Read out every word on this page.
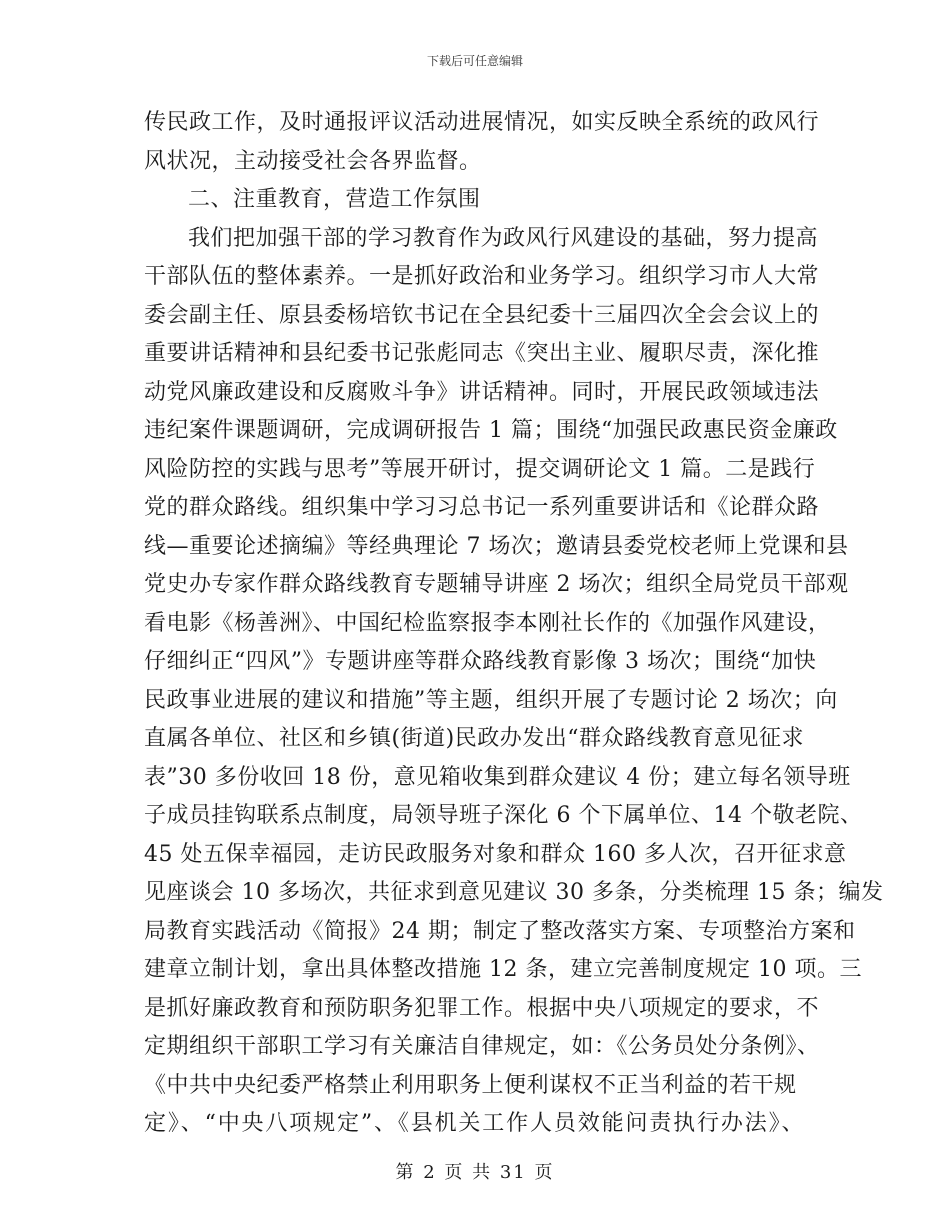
下载后可任意编辑
传民政工作，及时通报评议活动进展情况，如实反映全系统的政风行
风状况，主动接受社会各界监督。
二、注重教育，营造工作氛围
我们把加强干部的学习教育作为政风行风建设的基础，努力提高
干部队伍的整体素养。一是抓好政治和业务学习。组织学习市人大常
委会副主任、原县委杨培钦书记在全县纪委十三届四次全会会议上的
重要讲话精神和县纪委书记张彪同志《突出主业、履职尽责，深化推
动党风廉政建设和反腐败斗争》讲话精神。同时，开展民政领域违法
违纪案件课题调研，完成调研报告 1 篇；围绕“加强民政惠民资金廉政
风险防控的实践与思考”等展开研讨，提交调研论文 1 篇。二是践行
党的群众路线。组织集中学习习总书记一系列重要讲话和《论群众路
线—重要论述摘编》等经典理论 7 场次；邀请县委党校老师上党课和县
党史办专家作群众路线教育专题辅导讲座 2 场次；组织全局党员干部观
看电影《杨善洲》、中国纪检监察报李本刚社长作的《加强作风建设，
仔细纠正“四风”》专题讲座等群众路线教育影像 3 场次；围绕“加快
民政事业进展的建议和措施”等主题，组织开展了专题讨论 2 场次；向
直属各单位、社区和乡镇(街道)民政办发出“群众路线教育意见征求
表”30 多份收回 18 份，意见箱收集到群众建议 4 份；建立每名领导班
子成员挂钩联系点制度，局领导班子深化 6 个下属单位、14 个敬老院、
45 处五保幸福园，走访民政服务对象和群众 160 多人次，召开征求意
见座谈会 10 多场次，共征求到意见建议 30 多条，分类梳理 15 条；编发
局教育实践活动《简报》24 期；制定了整改落实方案、专项整治方案和
建章立制计划，拿出具体整改措施 12 条，建立完善制度规定 10 项。三
是抓好廉政教育和预防职务犯罪工作。根据中央八项规定的要求，不
定期组织干部职工学习有关廉洁自律规定，如：《公务员处分条例》、
《中共中央纪委严格禁止利用职务上便利谋权不正当利益的若干规
定》、“中央八项规定”、《县机关工作人员效能问责执行办法》、
第 2 页 共 31 页
